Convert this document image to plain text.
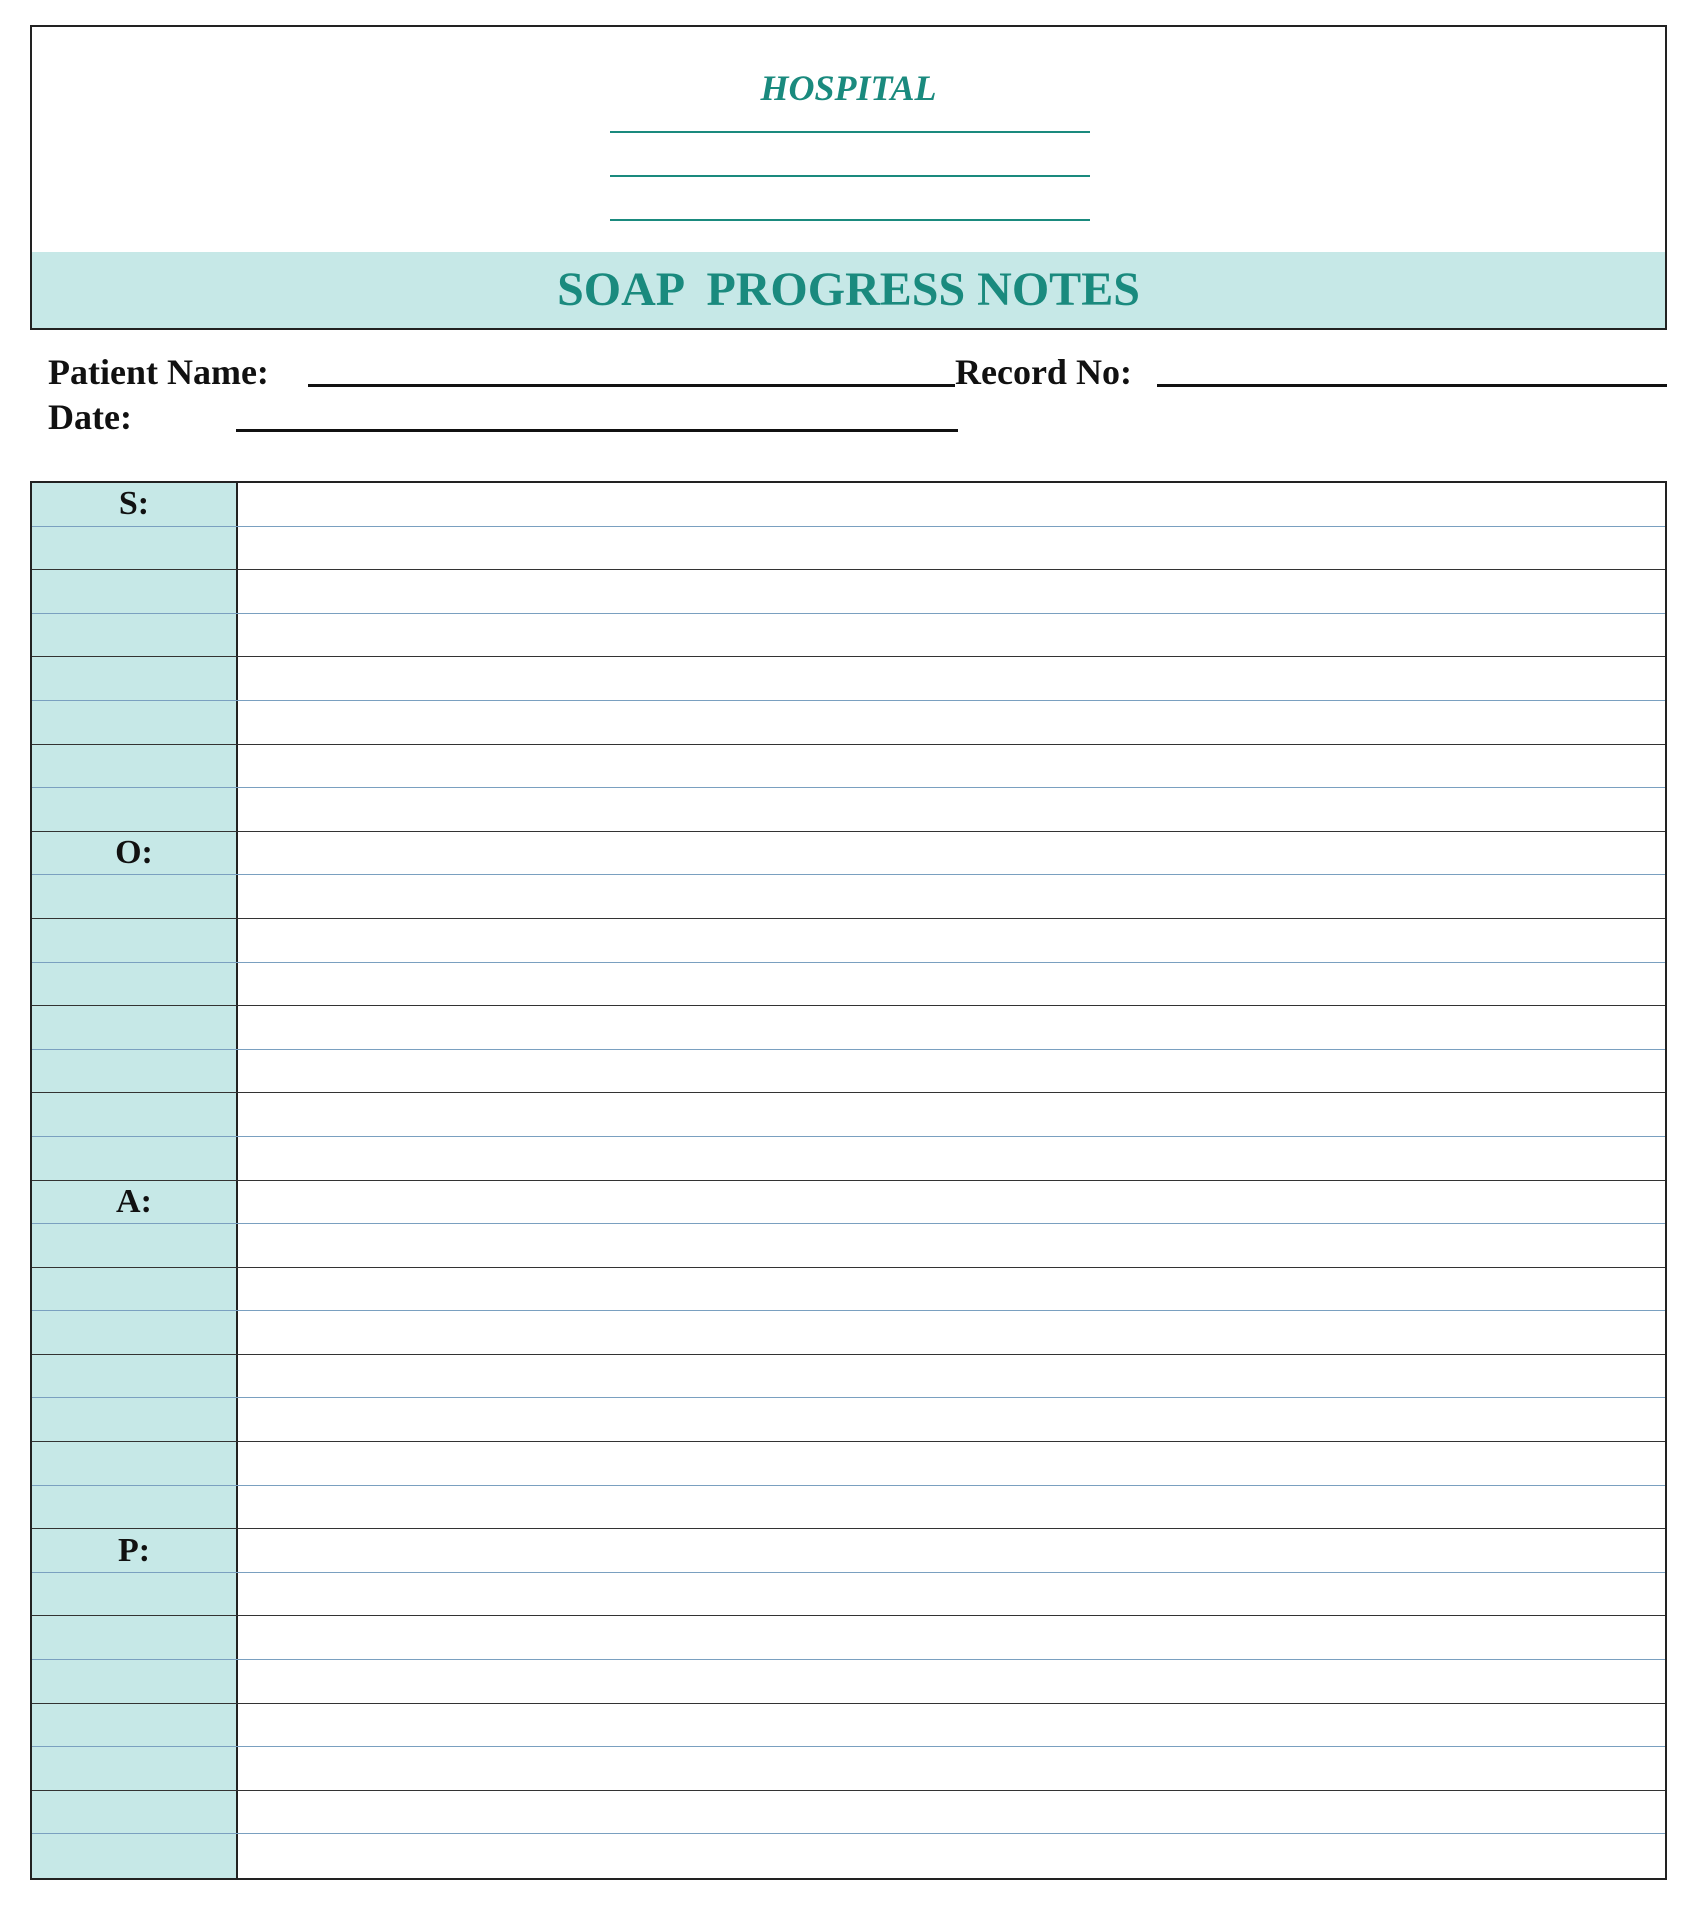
HOSPITAL
SOAP  PROGRESS NOTES
Patient Name:	Record No:
Date:
S:
O:
A:
P:
